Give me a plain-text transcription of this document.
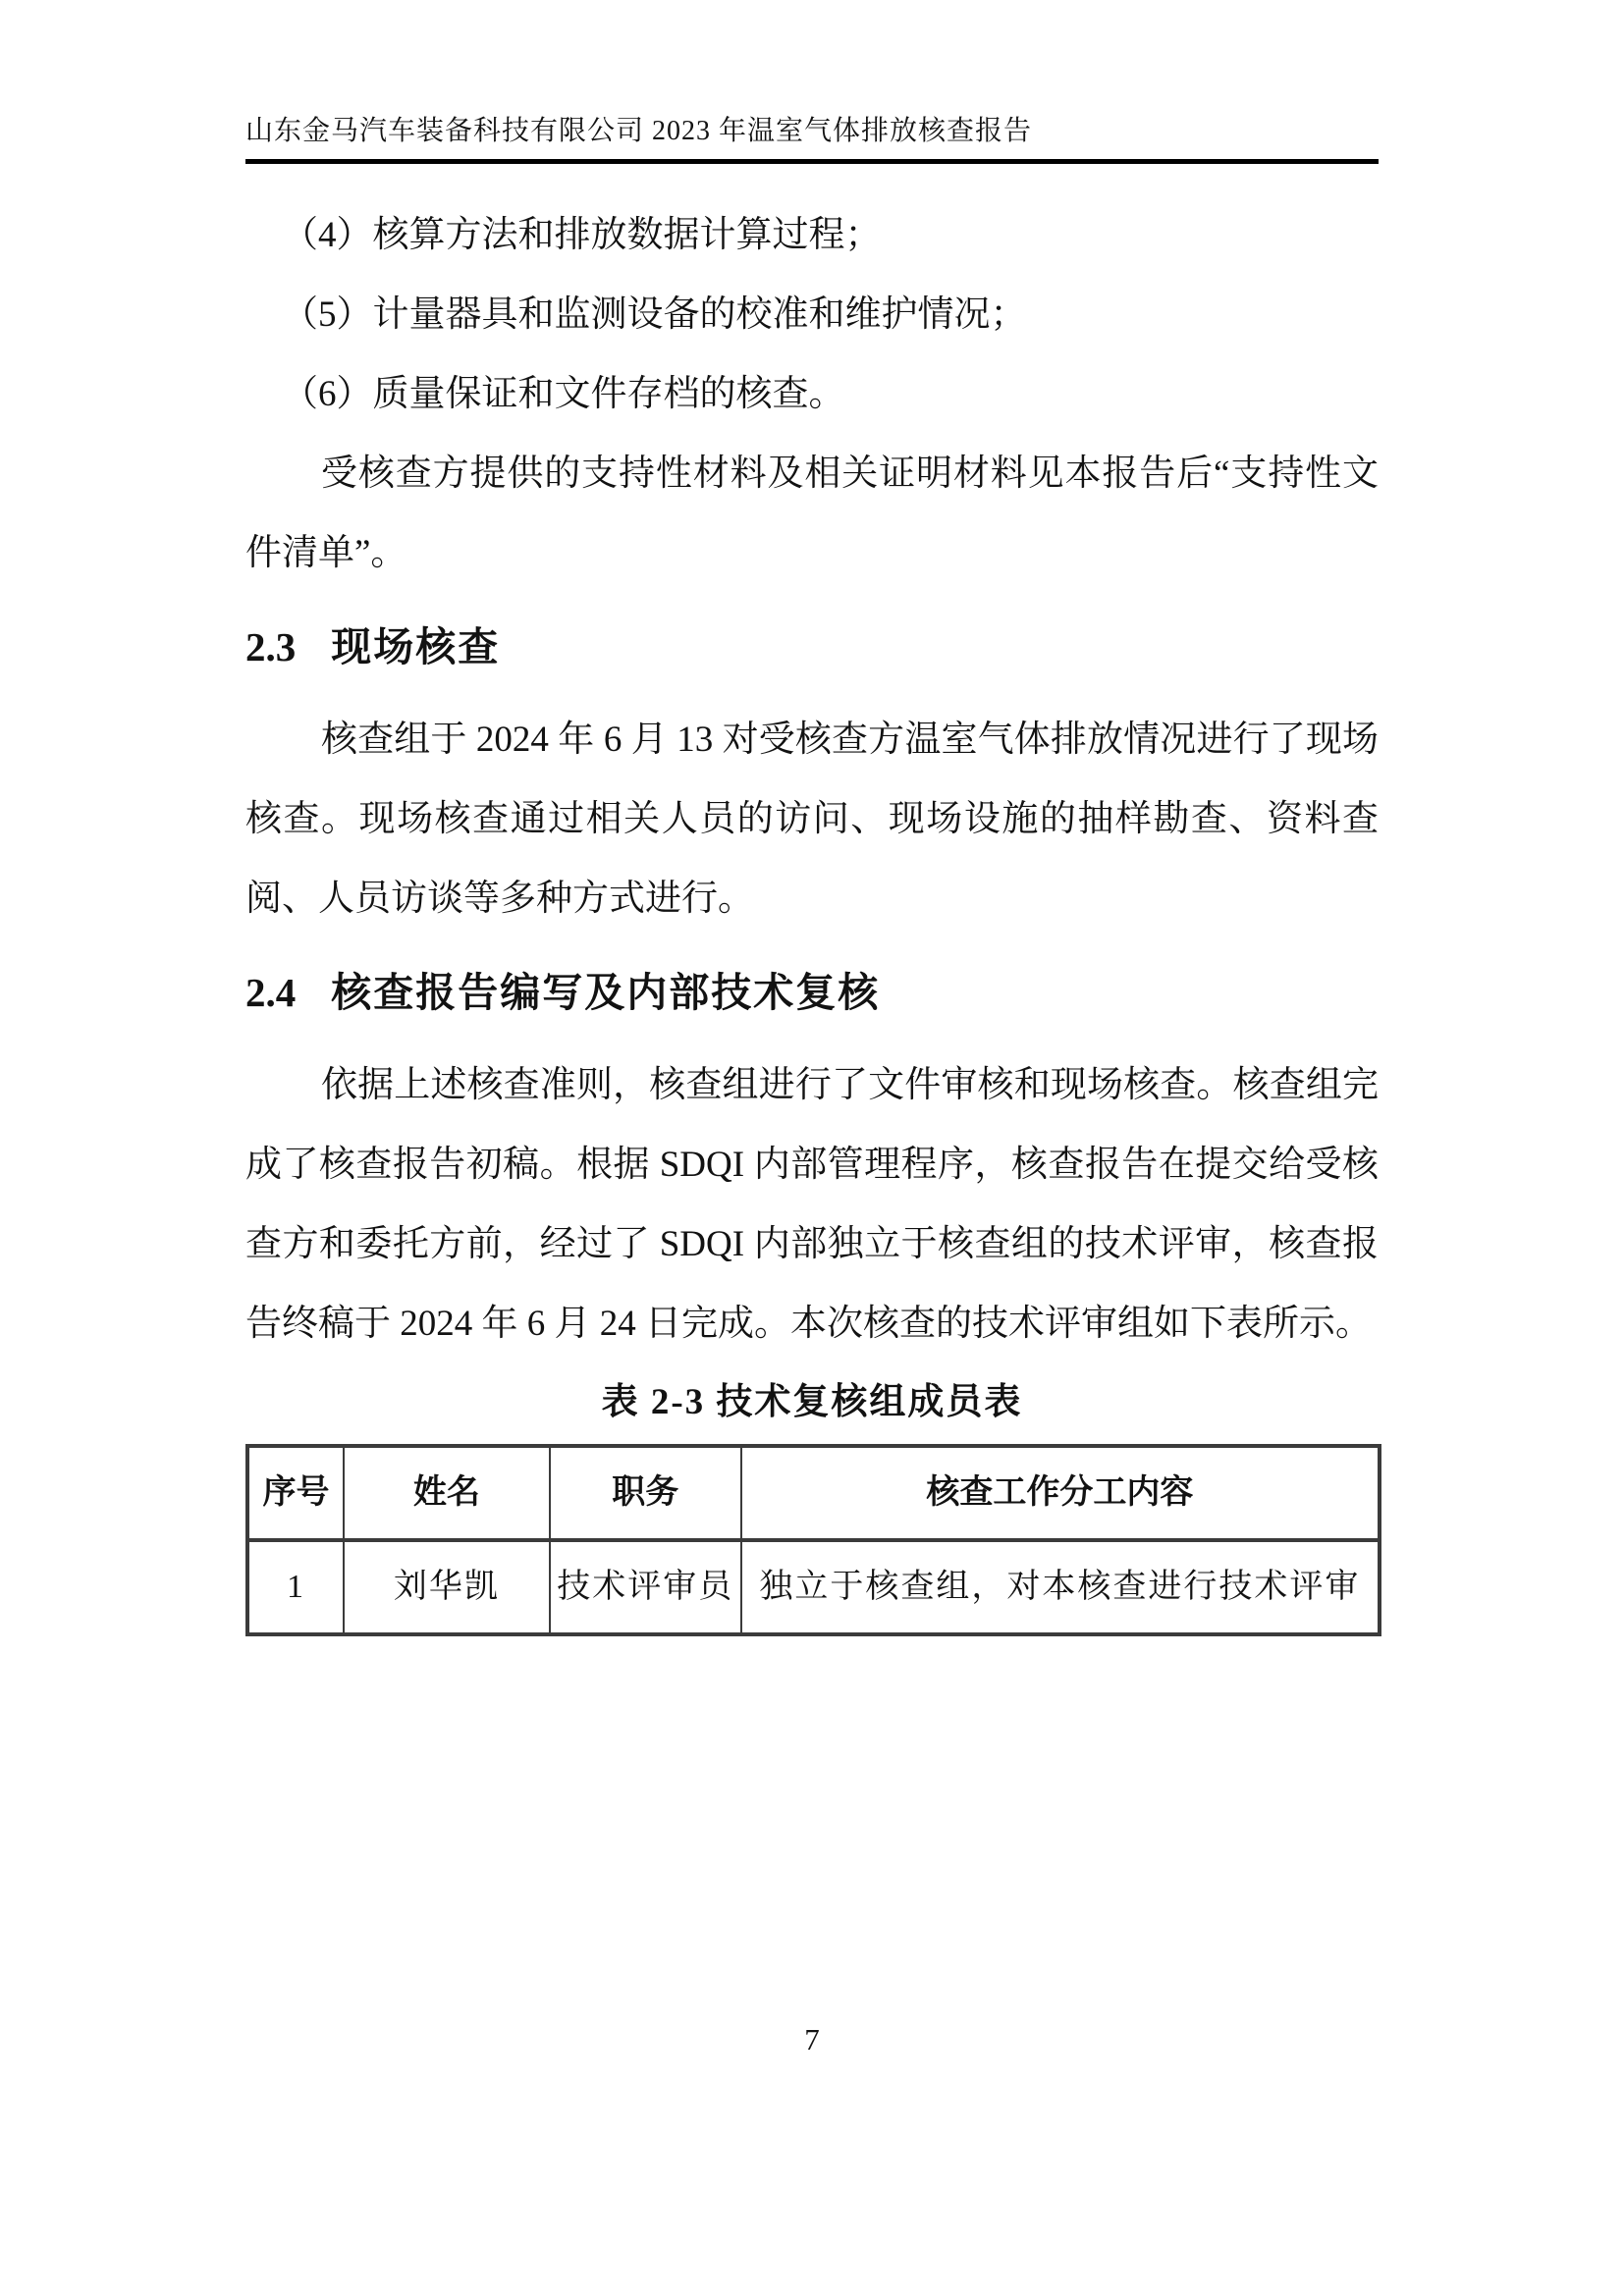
山东金马汽车装备科技有限公司 2023 年温室气体排放核查报告

（4）核算方法和排放数据计算过程；

（5）计量器具和监测设备的校准和维护情况；

（6）质量保证和文件存档的核查。

受核查方提供的支持性材料及相关证明材料见本报告后“支持性文件清单”。

2.3 现场核查

核查组于 2024 年 6 月 13 对受核查方温室气体排放情况进行了现场核查。现场核查通过相关人员的访问、现场设施的抽样勘查、资料查阅、人员访谈等多种方式进行。

2.4 核查报告编写及内部技术复核

依据上述核查准则，核查组进行了文件审核和现场核查。核查组完成了核查报告初稿。根据 SDQI 内部管理程序，核查报告在提交给受核查方和委托方前，经过了 SDQI 内部独立于核查组的技术评审，核查报告终稿于 2024 年 6 月 24 日完成。本次核查的技术评审组如下表所示。

表 2-3 技术复核组成员表

序号	姓名	职务	核查工作分工内容
1	刘华凯	技术评审员	独立于核查组，对本核查进行技术评审
7
